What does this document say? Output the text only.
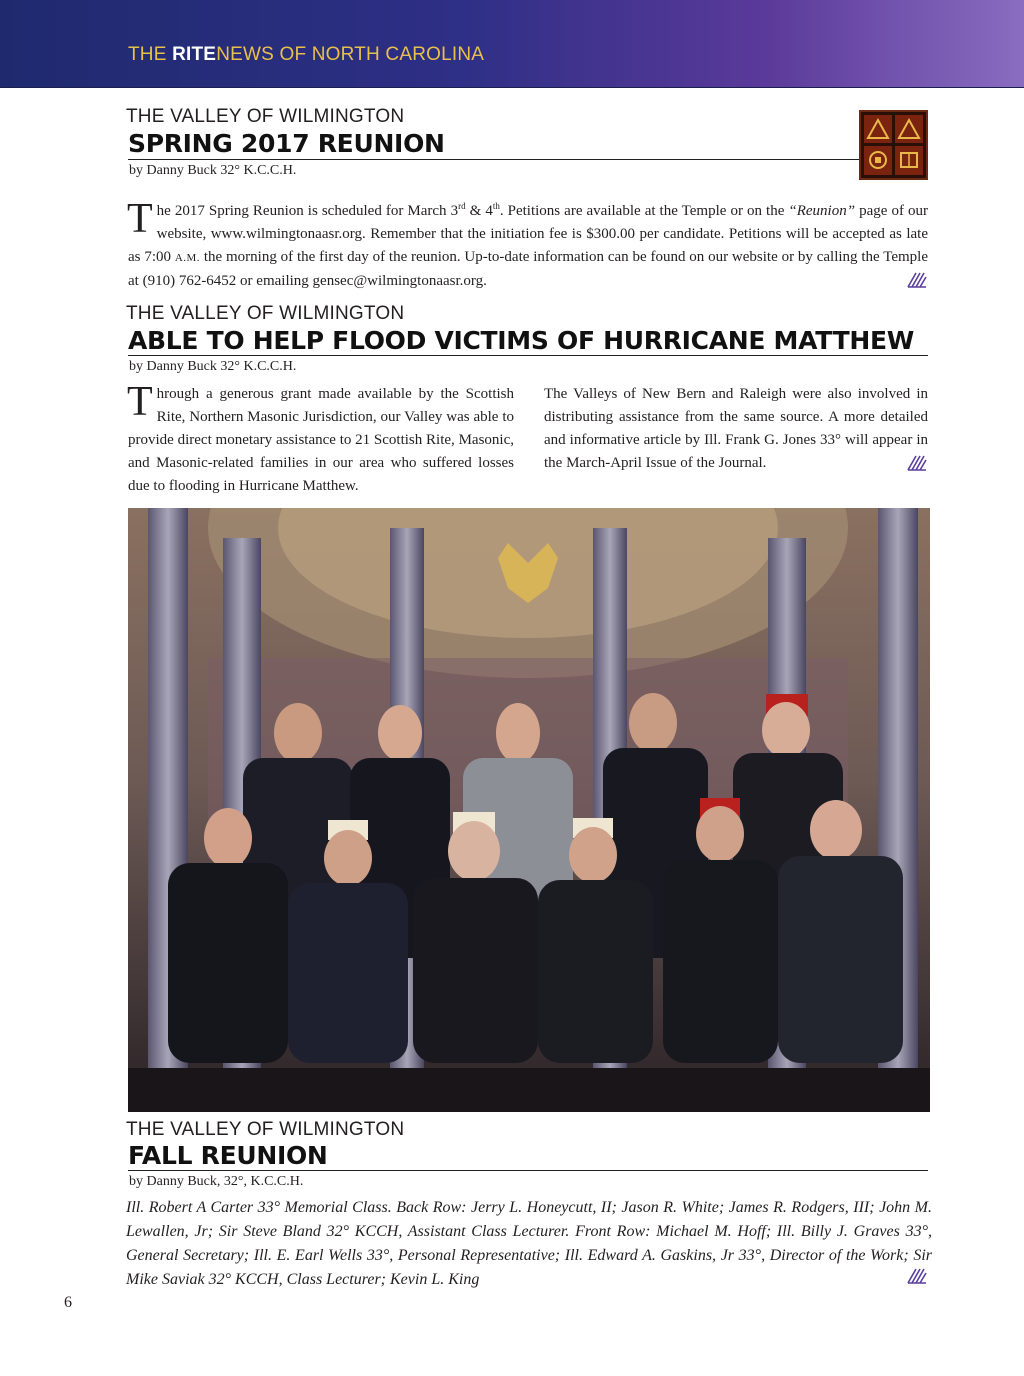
THE RITENEWS OF NORTH CAROLINA
THE VALLEY OF WILMINGTON
SPRING 2017 REUNION
by Danny Buck 32° K.C.C.H.
The 2017 Spring Reunion is scheduled for March 3rd & 4th. Petitions are available at the Temple or on the “Reunion” page of our website, www.wilmingtonaasr.org. Remember that the initiation fee is $300.00 per candidate. Petitions will be accepted as late as 7:00 A.M. the morning of the first day of the reunion. Up-to-date information can be found on our website or by calling the Temple at (910) 762-6452 or emailing gensec@wilmingtonaasr.org.
THE VALLEY OF WILMINGTON
ABLE TO HELP FLOOD VICTIMS OF HURRICANE MATTHEW
by Danny Buck 32° K.C.C.H.
Through a generous grant made available by the Scottish Rite, Northern Masonic Jurisdiction, our Valley was able to provide direct monetary assistance to 21 Scottish Rite, Masonic, and Masonic-related families in our area who suffered losses due to flooding in Hurricane Matthew.
The Valleys of New Bern and Raleigh were also involved in distributing assistance from the same source. A more detailed and informative article by Ill. Frank G. Jones 33° will appear in the March-April Issue of the Journal.
THE VALLEY OF WILMINGTON
FALL REUNION
by Danny Buck, 32°, K.C.C.H.
Ill. Robert A Carter 33° Memorial Class. Back Row: Jerry L. Honeycutt, II; Jason R. White; James R. Rodgers, III; John M. Lewallen, Jr; Sir Steve Bland 32° KCCH, Assistant Class Lecturer. Front Row: Michael M. Hoff; Ill. Billy J. Graves 33°, General Secretary; Ill. E. Earl Wells 33°, Personal Representative; Ill. Edward A. Gaskins, Jr 33°, Director of the Work; Sir Mike Saviak 32° KCCH, Class Lecturer; Kevin L. King
6
